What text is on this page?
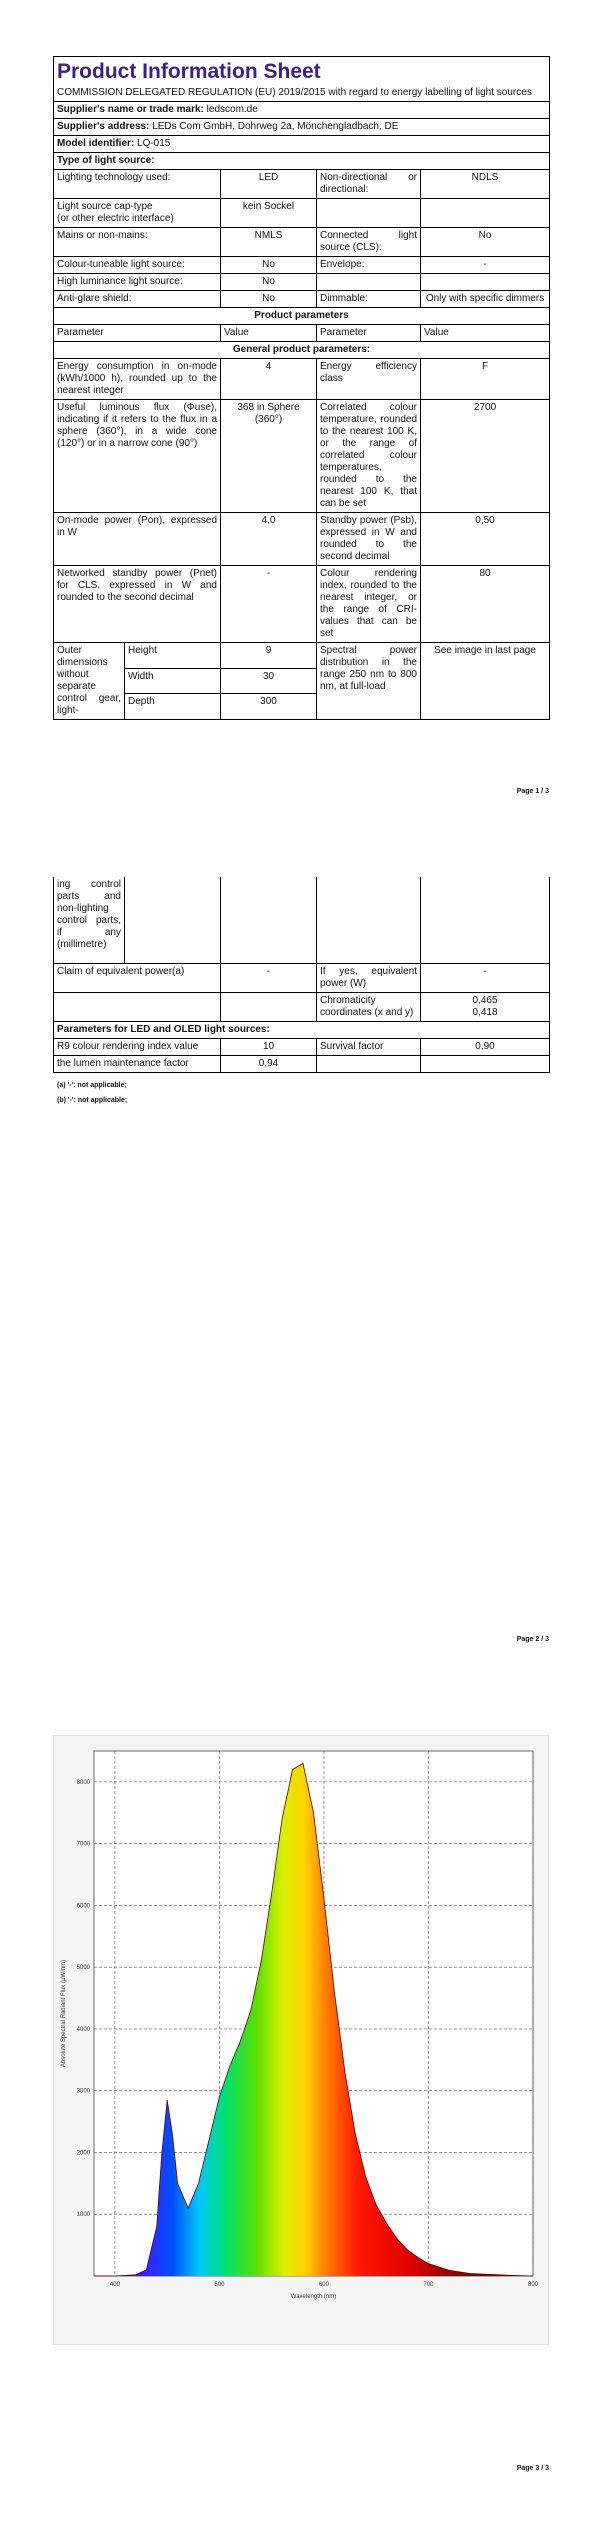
Product Information Sheet
COMMISSION DELEGATED REGULATION (EU) 2019/2015 with regard to energy labelling of light sources				

Supplier's name or trade mark: ledscom.de				
Supplier's address: LEDs Com GmbH, Dohrweg 2a, Mönchengladbach, DE				
Model identifier: LQ-015				
Type of light source:				
Lighting technology used:		LED	Non-directional or directional:	NDLS
Light source cap-type
(or other electric interface)		kein Sockel		
Mains or non-mains:		NMLS	Connected light source (CLS):	No
Colour-tuneable light source:		No	Envelope:	-
High luminance light source:		No		
Anti-glare shield:		No	Dimmable:	Only with specific dimmers
Product parameters				
Parameter		Value	Parameter	Value
General product parameters:				
Energy consumption in on-mode (kWh/1000 h), rounded up to the nearest integer		4	Energy efficiency class	F
Useful luminous flux (Φuse), indicating if it refers to the flux in a sphere (360°), in a wide cone (120°) or in a narrow cone (90°)		368 in Sphere (360°)	Correlated colour temperature, rounded to the nearest 100 K, or the range of correlated colour temperatures, rounded to the nearest 100 K, that can be set	2700
On-mode power (Pon), expressed in W		4,0	Standby power (Psb), expressed in W and rounded to the second decimal	0,50
Networked standby power (Pnet) for CLS, expressed in W and rounded to the second decimal		-	Colour rendering index, rounded to the nearest integer, or the range of CRI-values that can be set	80
Outer dimensions without separate control gear, light-	Height	9	Spectral power distribution in the range 250 nm to 800 nm, at full-load	See image in last page
	Width	30		
	Depth	300		
Page 1 / 3
ing control parts and non-lighting control parts, if any (millimetre)				
Claim of equivalent power(a)		-	If yes, equivalent power (W)	-
			Chromaticity coordinates (x and y)	0,465
0,418
Parameters for LED and OLED light sources:				
R9 colour rendering index value		10	Survival factor	0,90
the lumen maintenance factor		0,94		
(a) '-': not applicable;
(b) '-': not applicable;
Page 2 / 3
400	500	600	700	800
1000
2000
3000
4000
5000
6000
7000
8000
Wavelength (nm)
Absolute Spectral Radiant Flux (μW/nm)
Page 3 / 3
